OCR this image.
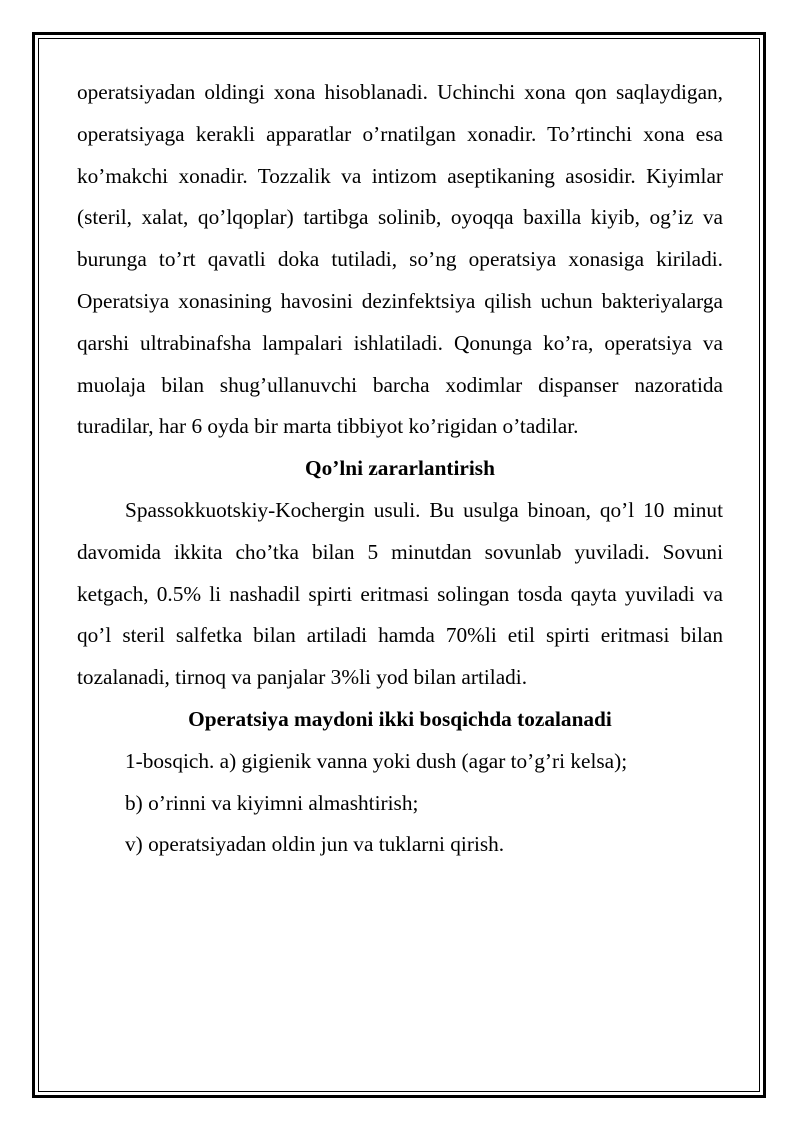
operatsiyadan oldingi xona hisoblanadi. Uchinchi xona qon saqlaydigan, operatsiyaga kerakli apparatlar o’rnatilgan xonadir. To’rtinchi xona esa ko’makchi xonadir. Tozzalik va intizom aseptikaning asosidir. Kiyimlar (steril, xalat, qo’lqoplar) tartibga solinib, oyoqqa baxilla kiyib, og’iz va burunga to’rt qavatli doka tutiladi, so’ng operatsiya xonasiga kiriladi. Operatsiya xonasining havosini dezinfektsiya qilish uchun bakteriyalarga qarshi ultrabinafsha lampalari ishlatiladi. Qonunga ko’ra, operatsiya va muolaja bilan shug’ullanuvchi barcha xodimlar dispanser nazoratida turadilar, har 6 oyda bir marta tibbiyot ko’rigidan o’tadilar.

Qo’lni zararlantirish

Spassokkuotskiy-Kochergin usuli. Bu usulga binoan, qo’l 10 minut davomida ikkita cho’tka bilan 5 minutdan sovunlab yuviladi. Sovuni ketgach, 0.5% li nashadil spirti eritmasi solingan tosda qayta yuviladi va qo’l steril salfetka bilan artiladi hamda 70%li etil spirti eritmasi bilan tozalanadi, tirnoq va panjalar 3%li yod bilan artiladi.

Operatsiya maydoni ikki bosqichda tozalanadi

1-bosqich. a) gigienik vanna yoki dush (agar to’g’ri kelsa);

b) o’rinni va kiyimni almashtirish;

v) operatsiyadan oldin jun va tuklarni qirish.
